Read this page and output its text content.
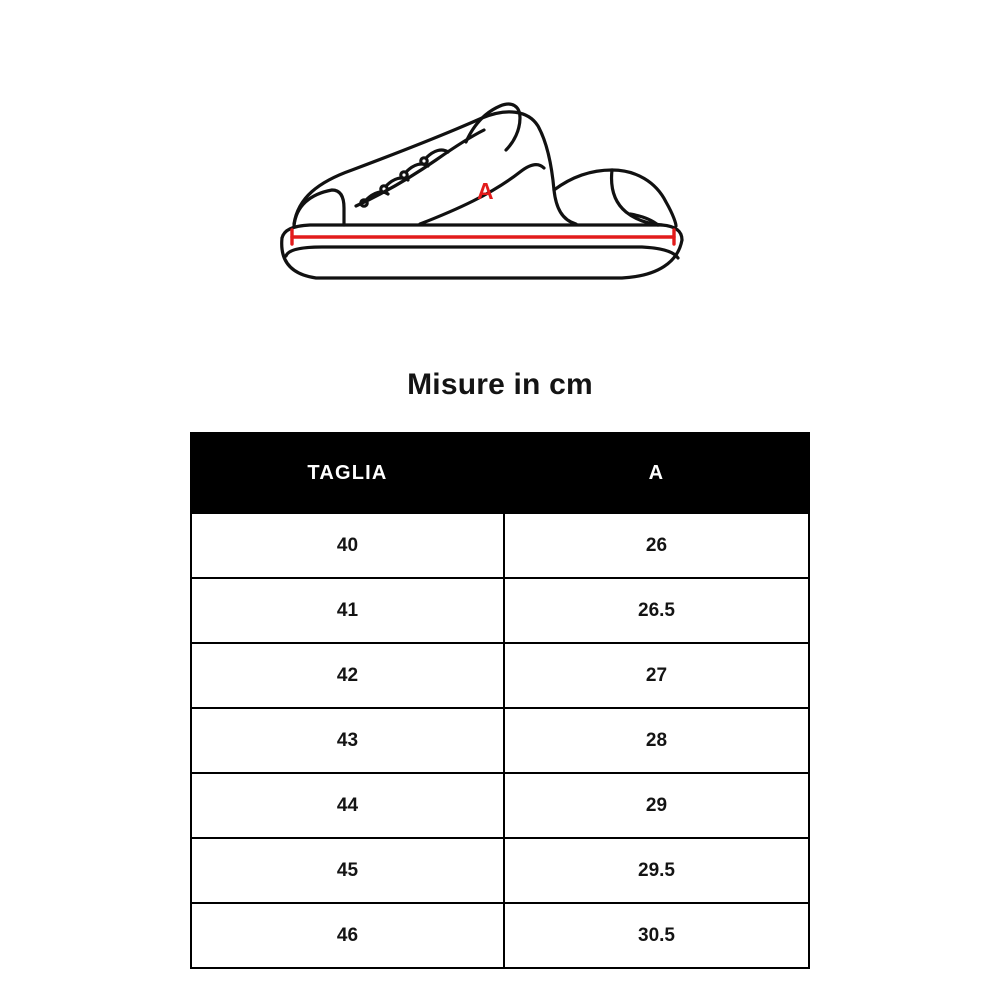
A
Misure in cm
TAGLIA	A
40	26
41	26.5
42	27
43	28
44	29
45	29.5
46	30.5
